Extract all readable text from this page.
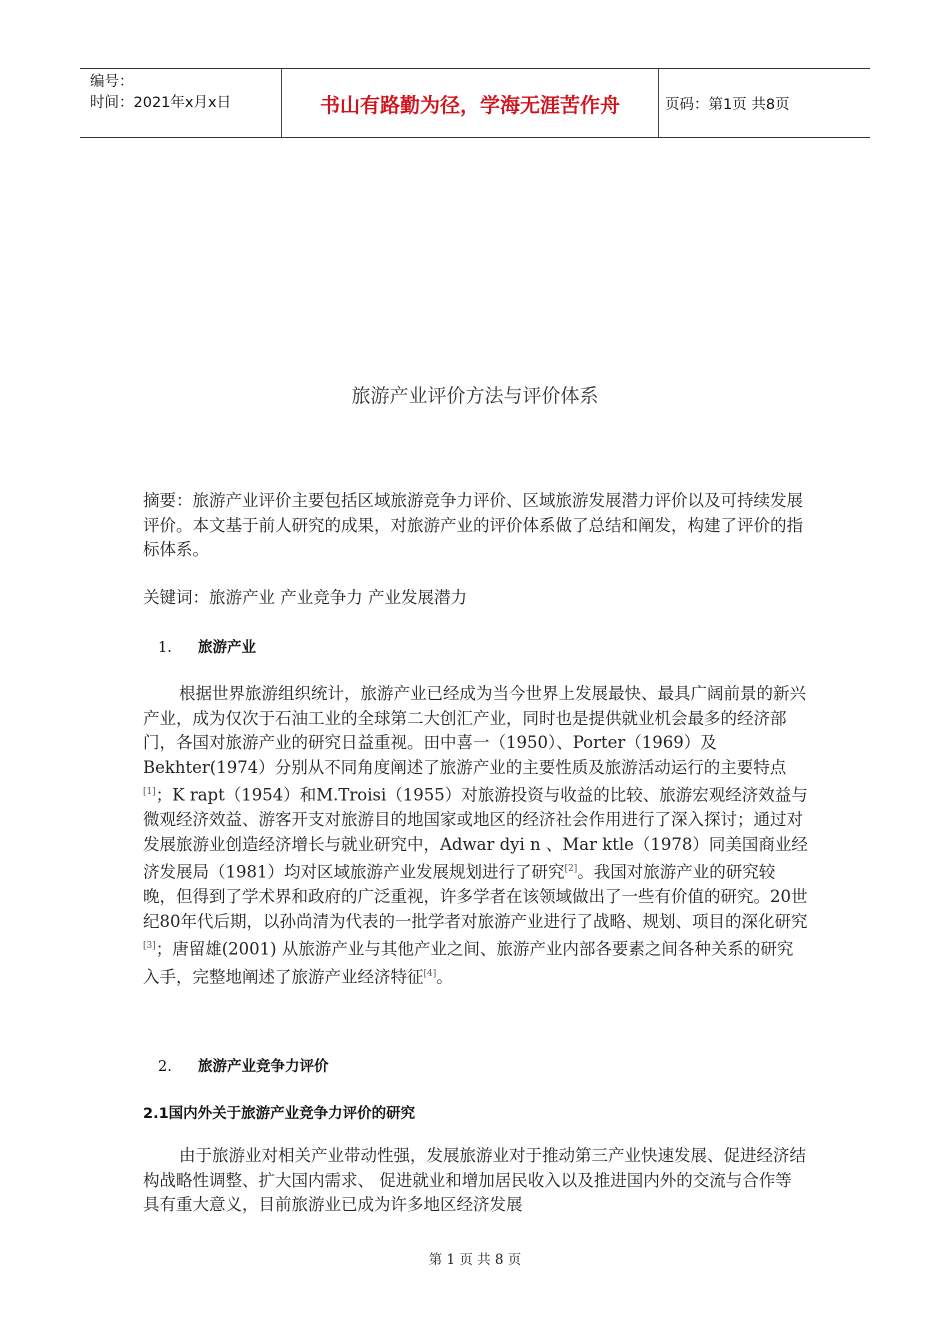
编号：
时间：2021年x月x日	书山有路勤为径，学海无涯苦作舟	页码：第1页 共8页
旅游产业评价方法与评价体系
摘要：旅游产业评价主要包括区域旅游竞争力评价、区域旅游发展潜力评价以及可持续发展评价。本文基于前人研究的成果，对旅游产业的评价体系做了总结和阐发，构建了评价的指标体系。
关键词：旅游产业 产业竞争力 产业发展潜力
1. 旅游产业
根据世界旅游组织统计，旅游产业已经成为当今世界上发展最快、最具广阔前景的新兴产业，成为仅次于石油工业的全球第二大创汇产业，同时也是提供就业机会最多的经济部门，各国对旅游产业的研究日益重视。田中喜一（1950）、Porter（1969）及Bekhter(1974）分别从不同角度阐述了旅游产业的主要性质及旅游活动运行的主要特点[1]；K rapt（1954）和M.Troisi（1955）对旅游投资与收益的比较、旅游宏观经济效益与微观经济效益、游客开支对旅游目的地国家或地区的经济社会作用进行了深入探讨；通过对发展旅游业创造经济增长与就业研究中，Adwar dyi n 、Mar ktle（1978）同美国商业经济发展局（1981）均对区域旅游产业发展规划进行了研究[2]。我国对旅游产业的研究较晚，但得到了学术界和政府的广泛重视，许多学者在该领域做出了一些有价值的研究。20世纪80年代后期，以孙尚清为代表的一批学者对旅游产业进行了战略、规划、项目的深化研究[3]；唐留雄(2001) 从旅游产业与其他产业之间、旅游产业内部各要素之间各种关系的研究入手，完整地阐述了旅游产业经济特征[4]。
2. 旅游产业竞争力评价
2.1国内外关于旅游产业竞争力评价的研究
由于旅游业对相关产业带动性强，发展旅游业对于推动第三产业快速发展、促进经济结构战略性调整、扩大国内需求、 促进就业和增加居民收入以及推进国内外的交流与合作等具有重大意义，目前旅游业已成为许多地区经济发展
第 1 页 共 8 页
